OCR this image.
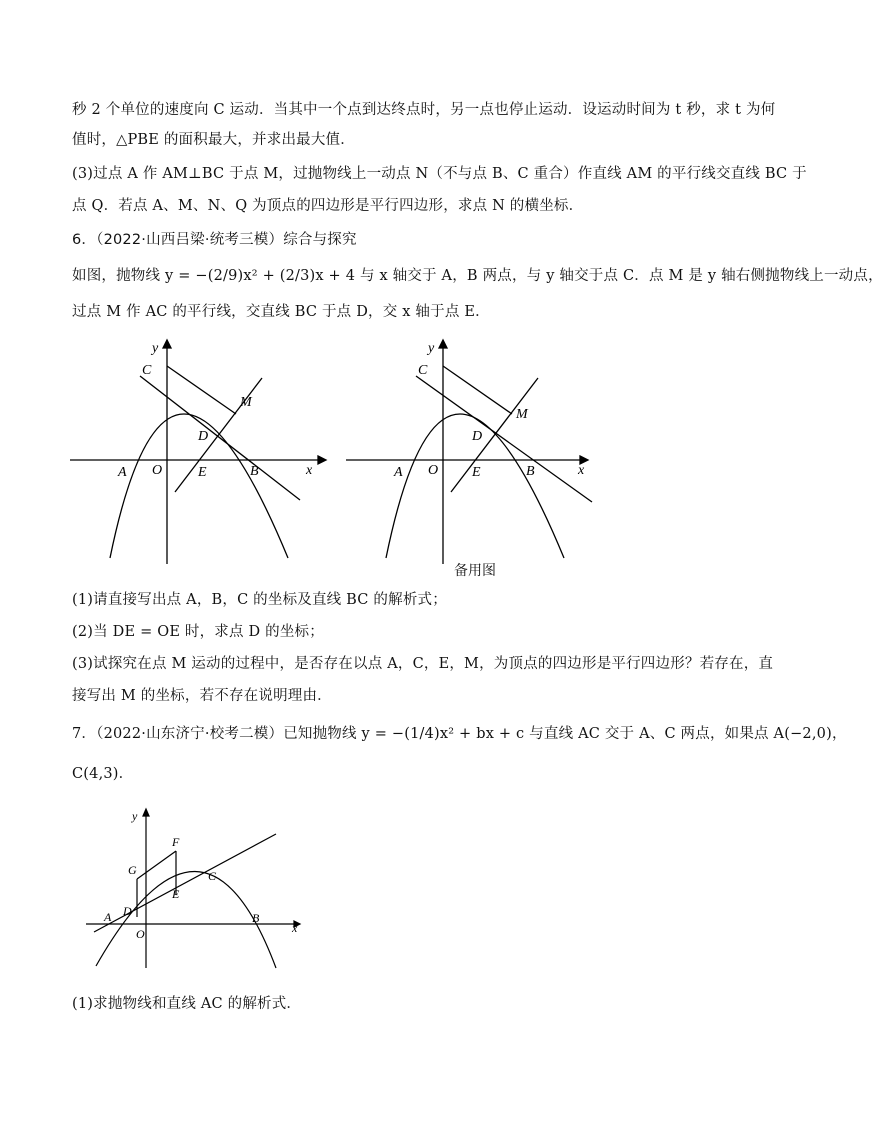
秒 2 个单位的速度向 C 运动．当其中一个点到达终点时，另一点也停止运动．设运动时间为 t 秒，求 t 为何
值时，△PBE 的面积最大，并求出最大值．
(3)过点 A 作 AM⊥BC 于点 M，过抛物线上一动点 N（不与点 B、C 重合）作直线 AM 的平行线交直线 BC 于
点 Q．若点 A、M、N、Q 为顶点的四边形是平行四边形，求点 N 的横坐标．
6．（2022·山西吕梁·统考三模）综合与探究
如图，抛物线 y = −(2/9)x² + (2/3)x + 4 与 x 轴交于 A，B 两点，与 y 轴交于点 C．点 M 是 y 轴右侧抛物线上一动点，
过点 M 作 AC 的平行线，交直线 BC 于点 D，交 x 轴于点 E．
y
x
C
M
D
A O	E	B
y
x
C
M
D
A O E	B
备用图
(1)请直接写出点 A，B，C 的坐标及直线 BC 的解析式；
(2)当 DE = OE 时，求点 D 的坐标；
(3)试探究在点 M 运动的过程中，是否存在以点 A，C，E，M，为顶点的四边形是平行四边形？若存在，直
接写出 M 的坐标，若不存在说明理由．
7．（2022·山东济宁·校考二模）已知抛物线 y = −(1/4)x² + bx + c 与直线 AC 交于 A、C 两点，如果点 A(−2,0)，
C(4,3)．
y
x
F
G	C
E
A D
O
B
(1)求抛物线和直线 AC 的解析式．
